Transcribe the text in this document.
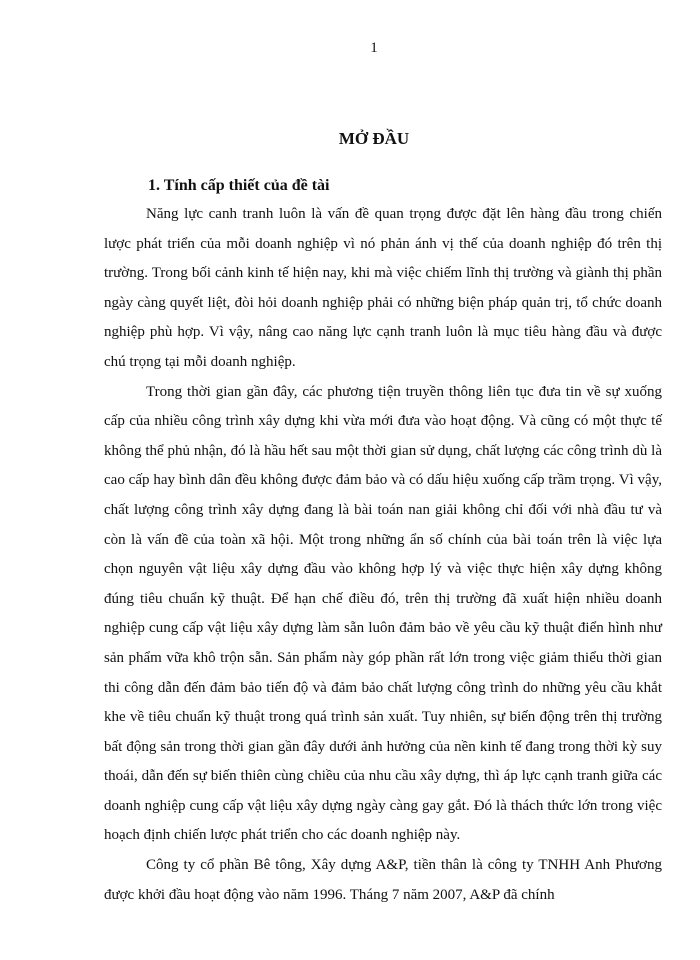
1

MỞ ĐẦU
1. Tính cấp thiết của đề tài

Năng lực canh tranh luôn là vấn đề quan trọng được đặt lên hàng đầu trong chiến lược phát triển của mỗi doanh nghiệp vì nó phản ánh vị thế của doanh nghiệp đó trên thị trường. Trong bối cảnh kinh tế hiện nay, khi mà việc chiếm lĩnh thị trường và giành thị phần ngày càng quyết liệt, đòi hỏi doanh nghiệp phải có những biện pháp quản trị, tổ chức doanh nghiệp phù hợp. Vì vậy, nâng cao năng lực cạnh tranh luôn là mục tiêu hàng đầu và được chú trọng tại mỗi doanh nghiệp.

Trong thời gian gần đây, các phương tiện truyền thông liên tục đưa tin về sự xuống cấp của nhiều công trình xây dựng khi vừa mới đưa vào hoạt động. Và cũng có một thực tế không thể phủ nhận, đó là hầu hết sau một thời gian sử dụng, chất lượng các công trình dù là cao cấp hay bình dân đều không được đảm bảo và có dấu hiệu xuống cấp trầm trọng. Vì vậy, chất lượng công trình xây dựng đang là bài toán nan giải không chỉ đối với nhà đầu tư và còn là vấn đề của toàn xã hội. Một trong những ẩn số chính của bài toán trên là việc lựa chọn nguyên vật liệu xây dựng đầu vào không hợp lý và việc thực hiện xây dựng không đúng tiêu chuẩn kỹ thuật. Để hạn chế điều đó, trên thị trường đã xuất hiện nhiều doanh nghiệp cung cấp vật liệu xây dựng làm sẵn luôn đảm bảo về yêu cầu kỹ thuật điển hình như sản phẩm vữa khô trộn sẵn. Sản phẩm này góp phần rất lớn trong việc giảm thiểu thời gian thi công dẫn đến đảm bảo tiến độ và đảm bảo chất lượng công trình do những yêu cầu khắt khe về tiêu chuẩn kỹ thuật trong quá trình sản xuất. Tuy nhiên, sự biến động trên thị trường bất động sản trong thời gian gần đây dưới ảnh hưởng của nền kinh tế đang trong thời kỳ suy thoái, dẫn đến sự biến thiên cùng chiều của nhu cầu xây dựng, thì áp lực cạnh tranh giữa các doanh nghiệp cung cấp vật liệu xây dựng ngày càng gay gắt. Đó là thách thức lớn trong việc hoạch định chiến lược phát triển cho các doanh nghiệp này.

Công ty cổ phần Bê tông, Xây dựng A&P, tiền thân là công ty TNHH Anh Phương được khởi đầu hoạt động vào năm 1996. Tháng 7 năm 2007, A&P đã chính
